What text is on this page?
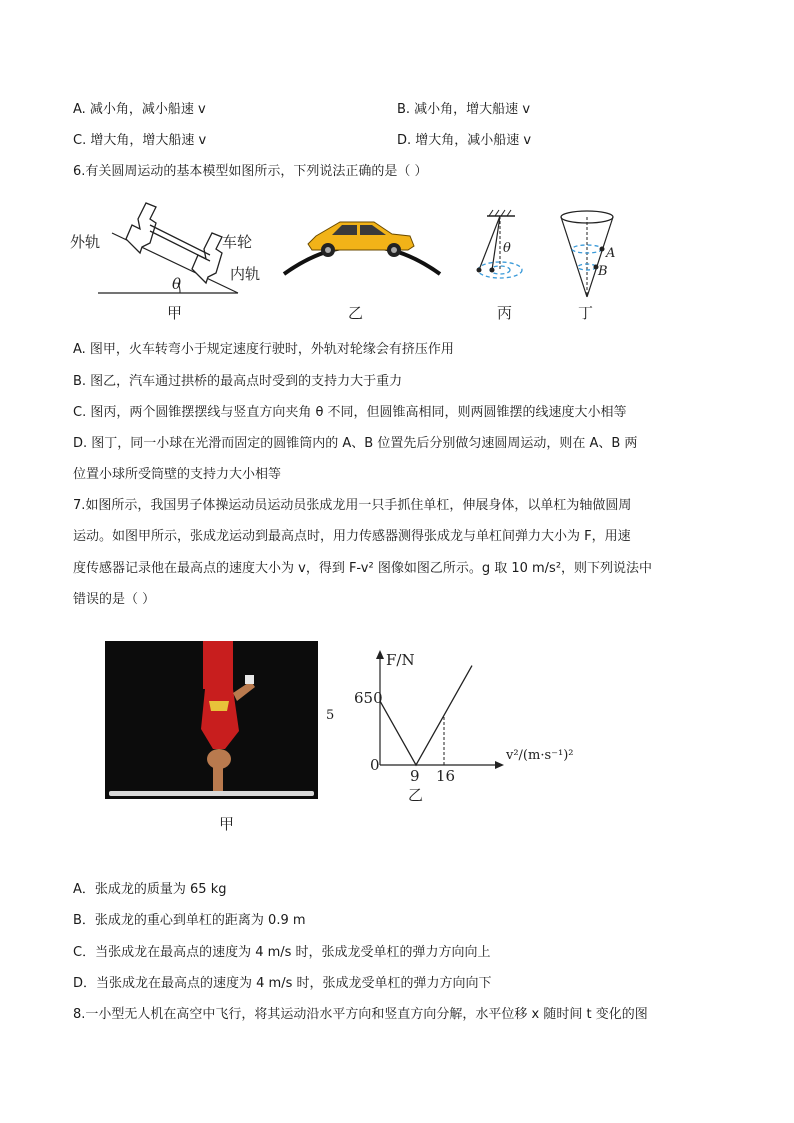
A. 减小角，减小船速 v	B. 减小角，增大船速 v
C. 增大角，增大船速 v	D. 增大角，减小船速 v
6.有关圆周运动的基本模型如图所示，下列说法正确的是（ ）
外轨	车轮
内轨
θ
甲	乙
θ
丙
A
B
丁
A. 图甲，火车转弯小于规定速度行驶时，外轨对轮缘会有挤压作用
B. 图乙，汽车通过拱桥的最高点时受到的支持力大于重力
C. 图丙，两个圆锥摆摆线与竖直方向夹角 θ 不同，但圆锥高相同，则两圆锥摆的线速度大小相等
D. 图丁，同一小球在光滑而固定的圆锥筒内的 A、B 位置先后分别做匀速圆周运动，则在 A、B 两
位置小球所受筒壁的支持力大小相等
7.如图所示，我国男子体操运动员运动员张成龙用一只手抓住单杠，伸展身体，以单杠为轴做圆周
运动。如图甲所示，张成龙运动到最高点时，用力传感器测得张成龙与单杠间弹力大小为 F，用速
度传感器记录他在最高点的速度大小为 v，得到 F-v² 图像如图乙所示。g 取 10 m/s²，则下列说法中
错误的是（ ）
甲
5
650
9 16
0
F/N
v²/(m·s⁻¹)²
乙
A．张成龙的质量为 65 kg
B．张成龙的重心到单杠的距离为 0.9 m
C．当张成龙在最高点的速度为 4 m/s 时，张成龙受单杠的弹力方向向上
D．当张成龙在最高点的速度为 4 m/s 时，张成龙受单杠的弹力方向向下
8.一小型无人机在高空中飞行，将其运动沿水平方向和竖直方向分解，水平位移 x 随时间 t 变化的图
